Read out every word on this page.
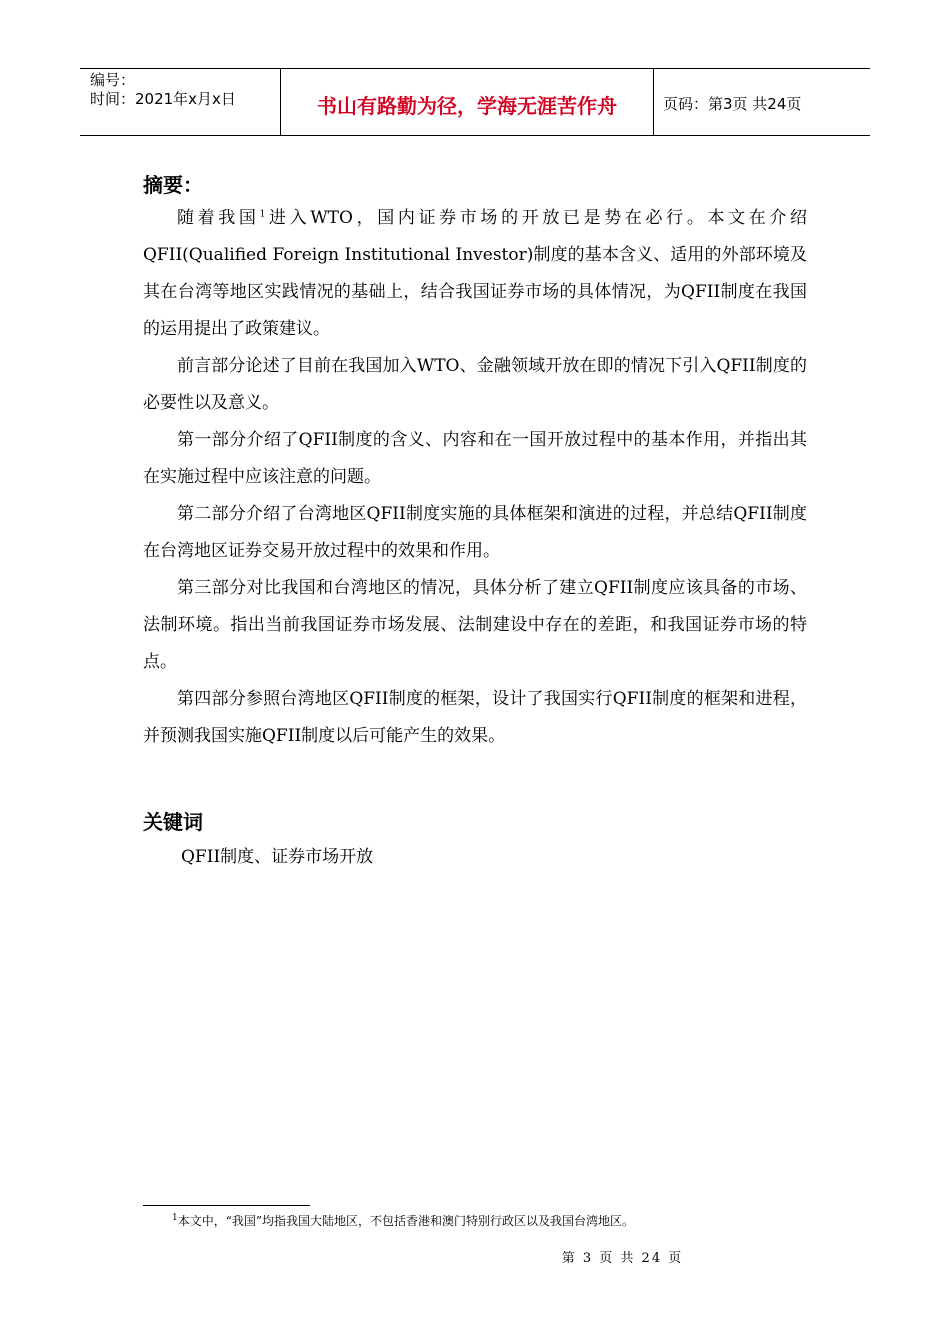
编号：
时间：2021年x月x日	书山有路勤为径，学海无涯苦作舟	页码：第3页 共24页
摘要：

随着我国$^1$进入WTO，国内证券市场的开放已是势在必行。本文在介绍QFII(Qualified Foreign Institutional Investor)制度的基本含义、适用的外部环境及其在台湾等地区实践情况的基础上，结合我国证券市场的具体情况，为QFII制度在我国的运用提出了政策建议。

前言部分论述了目前在我国加入WTO、金融领域开放在即的情况下引入QFII制度的必要性以及意义。

第一部分介绍了QFII制度的含义、内容和在一国开放过程中的基本作用，并指出其在实施过程中应该注意的问题。

第二部分介绍了台湾地区QFII制度实施的具体框架和演进的过程，并总结QFII制度在台湾地区证券交易开放过程中的效果和作用。

第三部分对比我国和台湾地区的情况，具体分析了建立QFII制度应该具备的市场、法制环境。指出当前我国证券市场发展、法制建设中存在的差距，和我国证券市场的特点。

第四部分参照台湾地区QFII制度的框架，设计了我国实行QFII制度的框架和进程，并预测我国实施QFII制度以后可能产生的效果。

关键词
QFII制度、证券市场开放
$^1$本文中，“我国”均指我国大陆地区，不包括香港和澳门特别行政区以及我国台湾地区。
第 3 页 共 24 页
